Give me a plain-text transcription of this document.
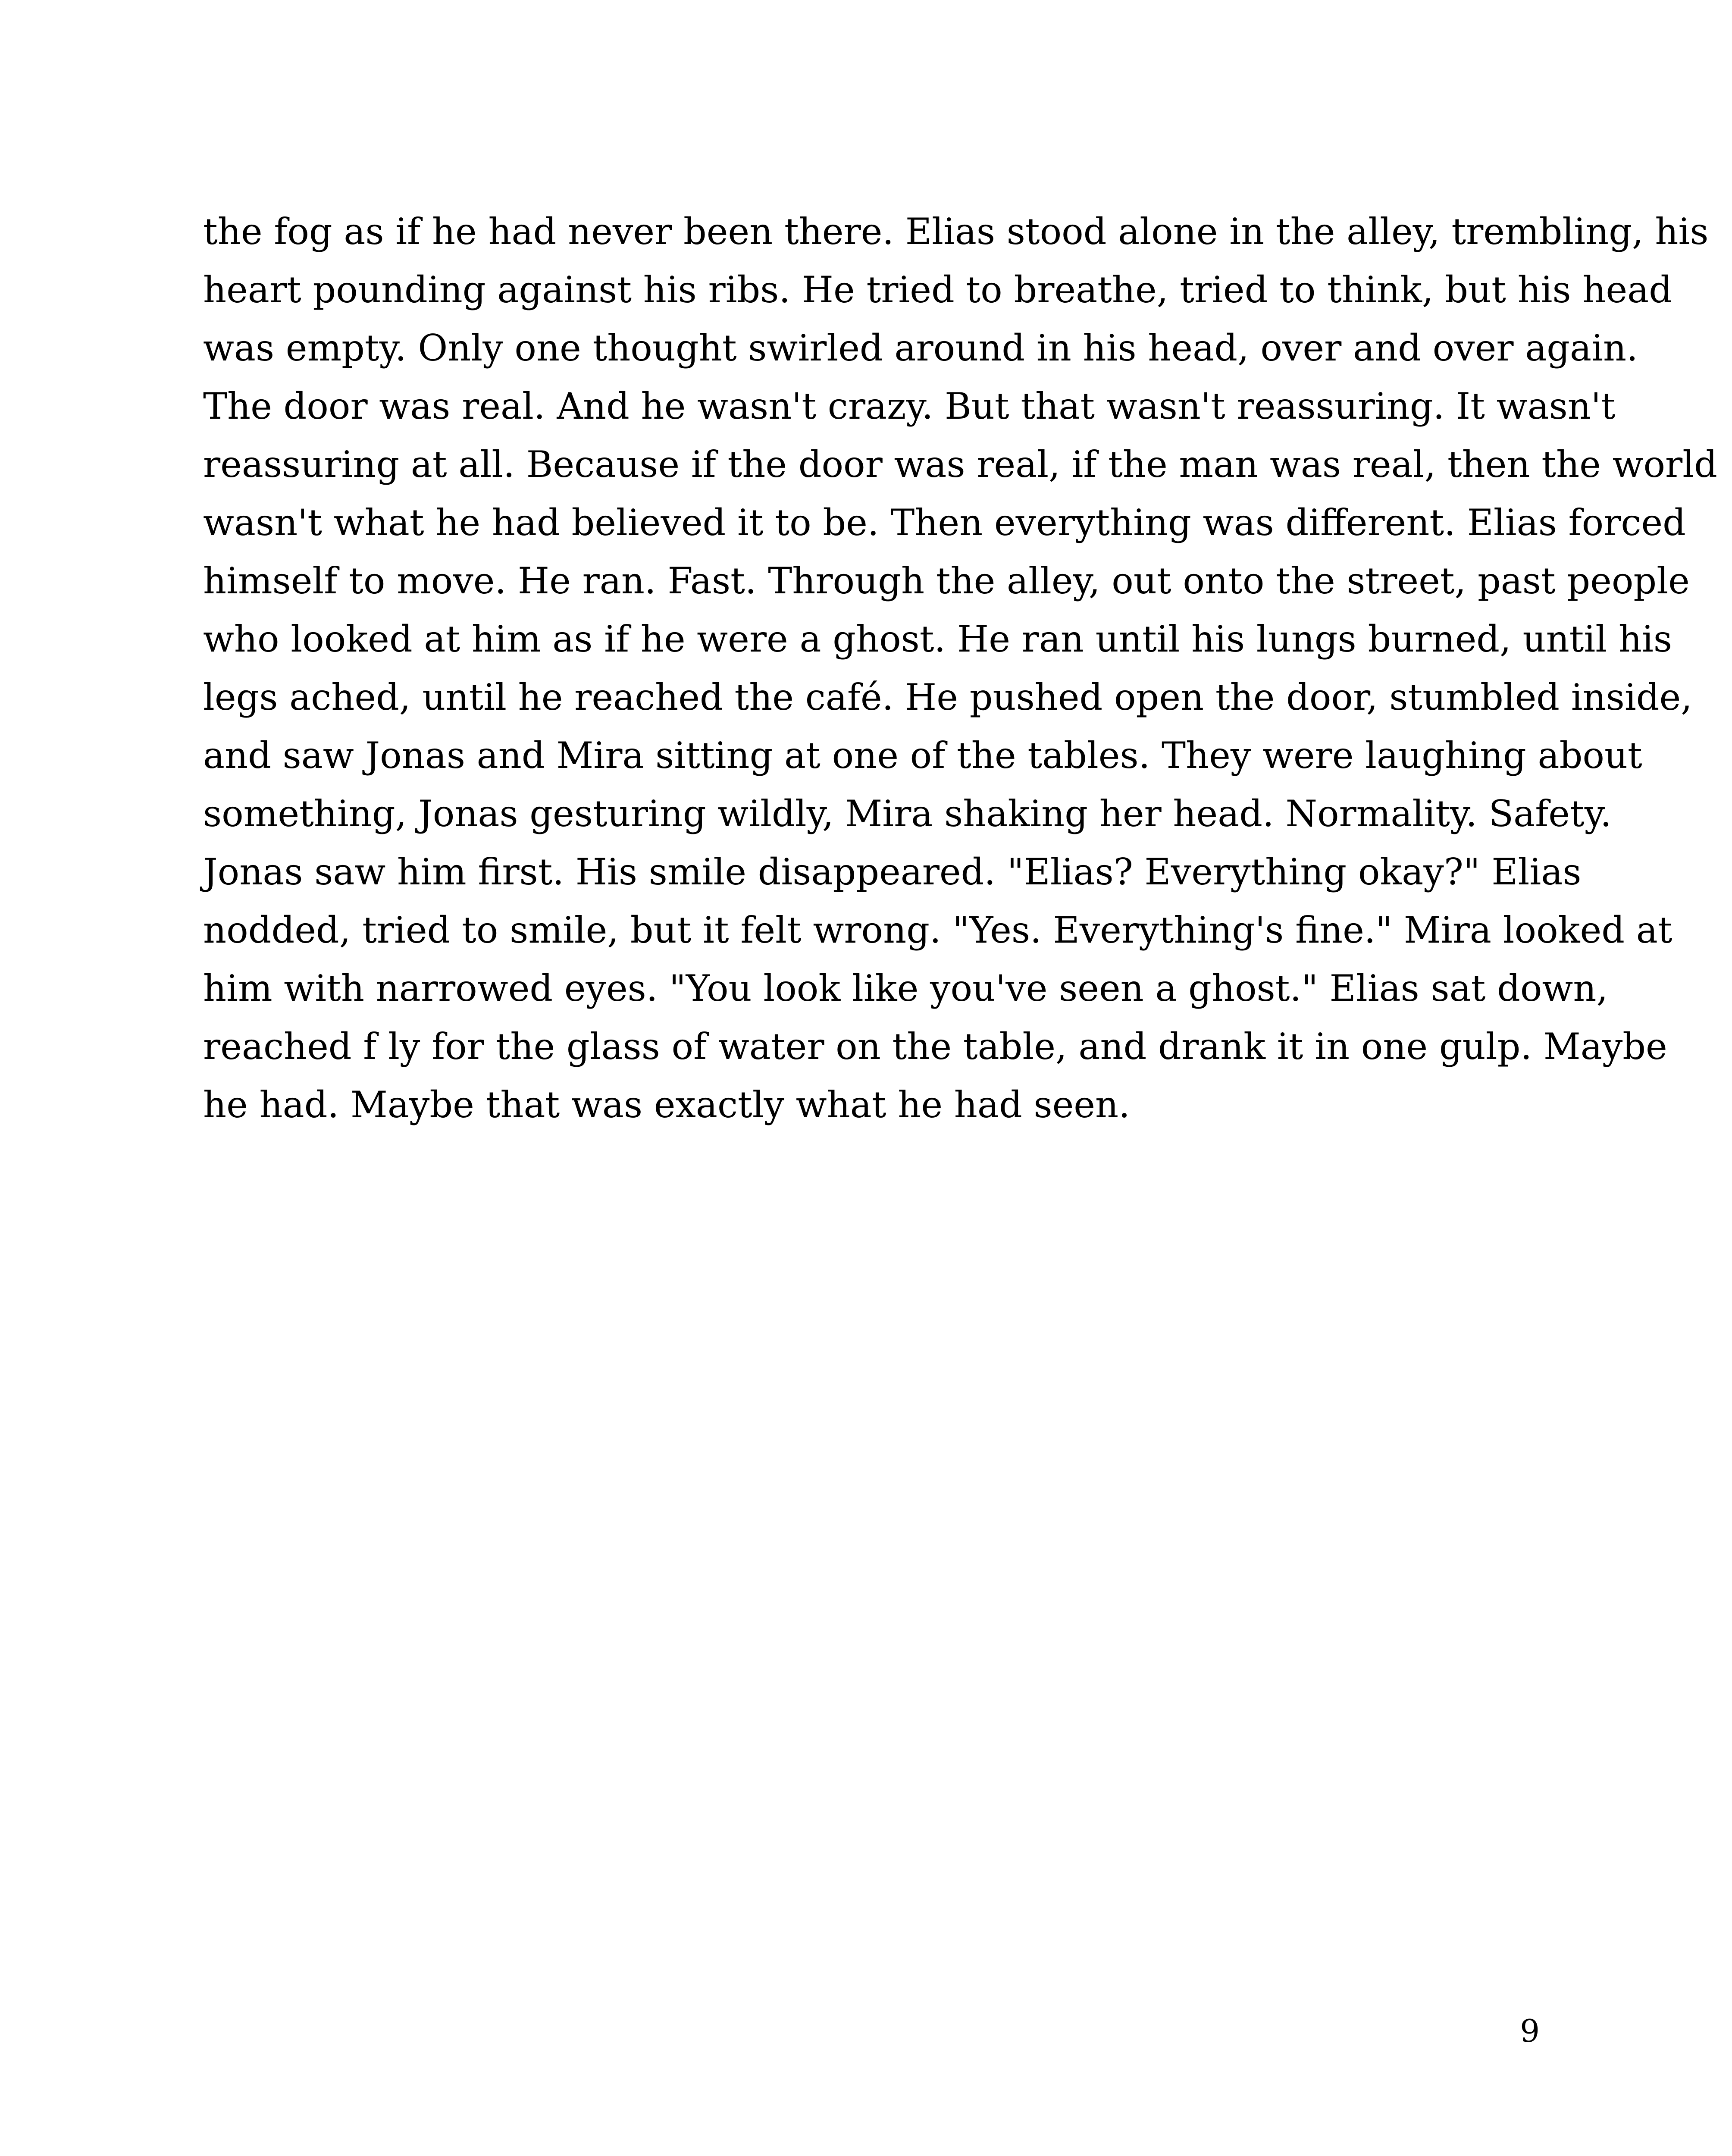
the fog as if he had never been there. Elias stood alone in the alley, trembling, his
heart pounding against his ribs. He tried to breathe, tried to think, but his head
was empty. Only one thought swirled around in his head, over and over again.
The door was real. And he wasn't crazy. But that wasn't reassuring. It wasn't
reassuring at all. Because if the door was real, if the man was real, then the world
wasn't what he had believed it to be. Then everything was different. Elias forced
himself to move. He ran. Fast. Through the alley, out onto the street, past people
who looked at him as if he were a ghost. He ran until his lungs burned, until his
legs ached, until he reached the café. He pushed open the door, stumbled inside,
and saw Jonas and Mira sitting at one of the tables. They were laughing about
something, Jonas gesturing wildly, Mira shaking her head. Normality. Safety.
Jonas saw him first. His smile disappeared. "Elias? Everything okay?" Elias
nodded, tried to smile, but it felt wrong. "Yes. Everything's fine." Mira looked at
him with narrowed eyes. "You look like you've seen a ghost." Elias sat down,
reached f ly for the glass of water on the table, and drank it in one gulp. Maybe
he had. Maybe that was exactly what he had seen.
9
